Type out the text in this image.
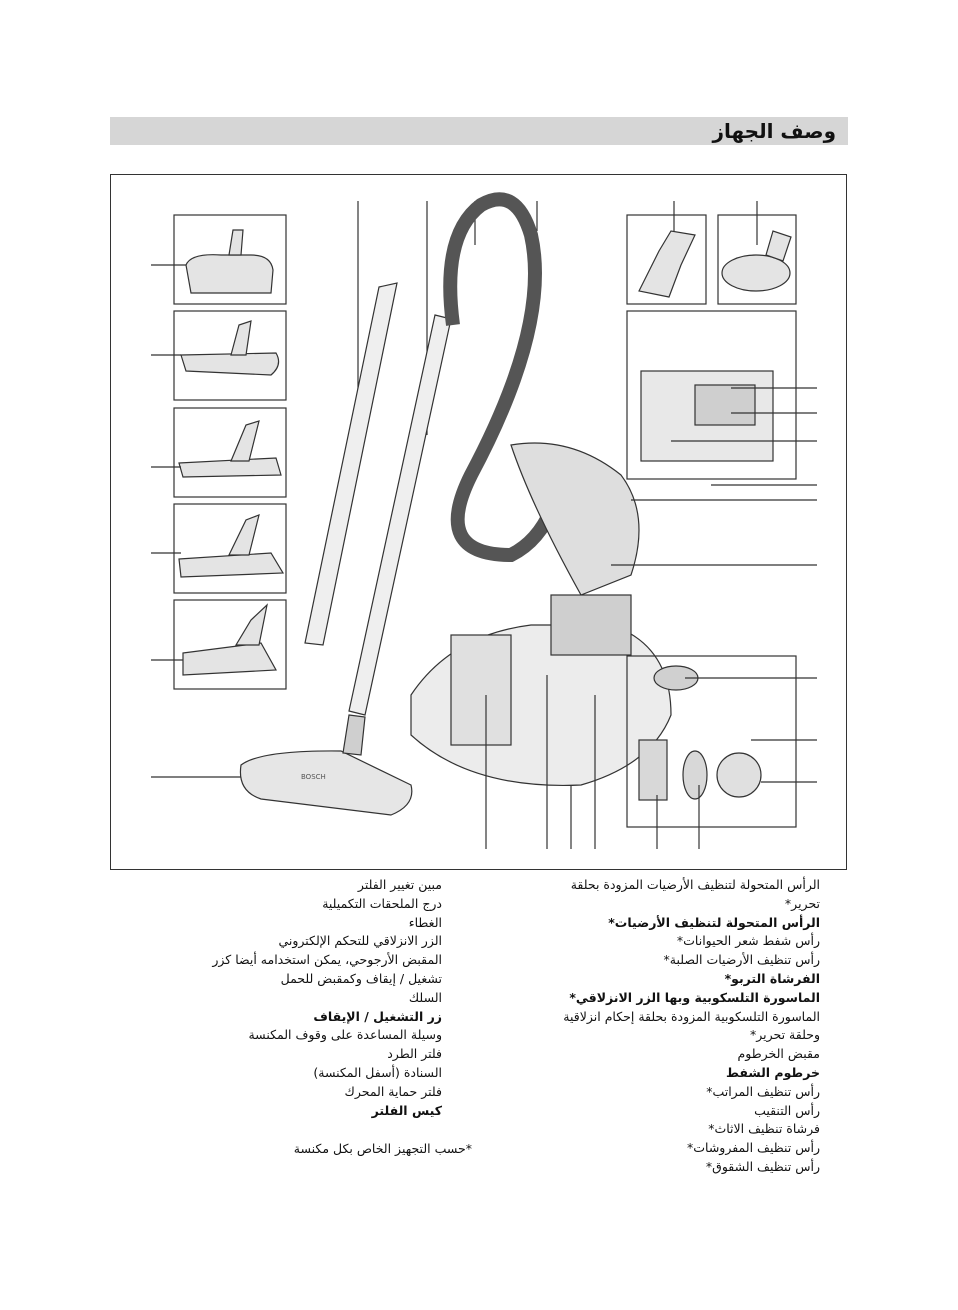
وصف الجهاز
BOSCH
الرأس المتحولة لتنظيف الأرضيات المزودة بحلقة
تحرير*
الرأس المتحولة لتنظيف الأرضيات*
رأس شفط شعر الحيوانات*
رأس تنظيف الأرضيات الصلبة*
الفرشاة التربو*
الماسورة التلسكوبية وبها الزر الانزلاقي*
الماسورة التلسكوبية المزودة بحلقة إحكام انزلاقية
وحلقة تحرير*
مقبض الخرطوم
خرطوم الشفط
رأس تنظيف المراتب*
رأس التنقيب
فرشاة تنظيف الاثاث*
رأس تنظيف المفروشات*
رأس تنظيف الشقوق*
مبين تغيير الفلتر
درج الملحقات التكميلية
الغطاء
الزر الانزلاقي للتحكم الإلكتروني
المقبض الأرجوحي، يمكن استخدامه أيضا كزر تشغيل / إيقاف وكمقبض للحمل
السلك
زر التشغيل / الإيقاف
وسيلة المساعدة على وقوف المكنسة
فلتر الطرد
السنادة (أسفل المكنسة)
فلتر حماية المحرك
كيس الفلتر
*حسب التجهيز الخاص بكل مكنسة
